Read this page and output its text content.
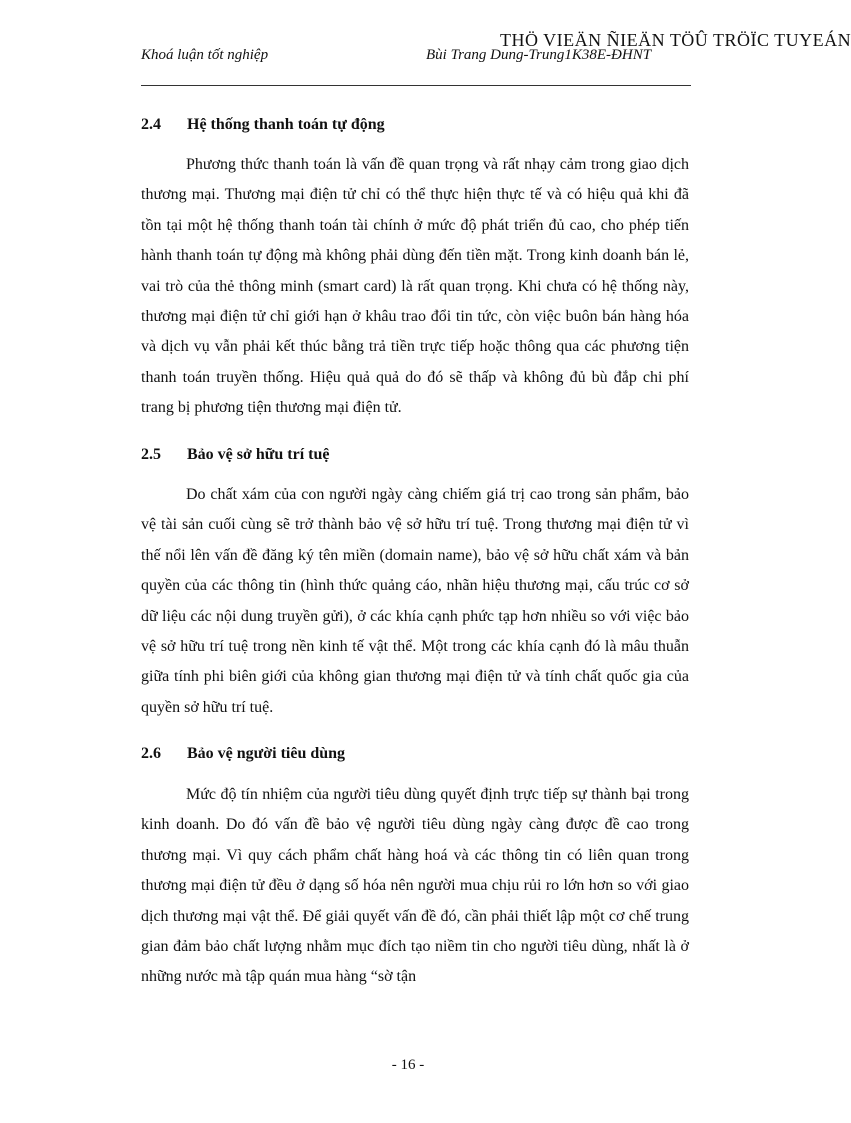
Khoá luận tốt nghiệp	Bùi Trang Dung-Trung1K38E-ĐHNT
THÖ VIEÄN ÑIEÄN TÖÛ TRÖÏC TUYEÁN
2.4 Hệ thống thanh toán tự động

Phương thức thanh toán là vấn đề quan trọng và rất nhạy cảm trong giao dịch thương mại. Thương mại điện tử chỉ có thể thực hiện thực tế và có hiệu quả khi đã tồn tại một hệ thống thanh toán tài chính ở mức độ phát triển đủ cao, cho phép tiến hành thanh toán tự động mà không phải dùng đến tiền mặt. Trong kinh doanh bán lẻ, vai trò của thẻ thông minh (smart card) là rất quan trọng. Khi chưa có hệ thống này, thương mại điện tử chỉ giới hạn ở khâu trao đổi tin tức, còn việc buôn bán hàng hóa và dịch vụ vẫn phải kết thúc bằng trả tiền trực tiếp hoặc thông qua các phương tiện thanh toán truyền thống. Hiệu quả quả do đó sẽ thấp và không đủ bù đắp chi phí trang bị phương tiện thương mại điện tử.

2.5 Bảo vệ sở hữu trí tuệ

Do chất xám của con người ngày càng chiếm giá trị cao trong sản phẩm, bảo vệ tài sản cuối cùng sẽ trở thành bảo vệ sở hữu trí tuệ. Trong thương mại điện tử vì thế nổi lên vấn đề đăng ký tên miền (domain name), bảo vệ sở hữu chất xám và bản quyền của các thông tin (hình thức quảng cáo, nhãn hiệu thương mại, cấu trúc cơ sở dữ liệu các nội dung truyền gửi), ở các khía cạnh phức tạp hơn nhiều so với việc bảo vệ sở hữu trí tuệ trong nền kinh tế vật thể. Một trong các khía cạnh đó là mâu thuẫn giữa tính phi biên giới của không gian thương mại điện tử và tính chất quốc gia của quyền sở hữu trí tuệ.

2.6 Bảo vệ người tiêu dùng

Mức độ tín nhiệm của người tiêu dùng quyết định trực tiếp sự thành bại trong kinh doanh. Do đó vấn đề bảo vệ người tiêu dùng ngày càng được đề cao trong thương mại. Vì quy cách phẩm chất hàng hoá và các thông tin có liên quan trong thương mại điện tử đều ở dạng số hóa nên người mua chịu rủi ro lớn hơn so với giao dịch thương mại vật thể. Để giải quyết vấn đề đó, cần phải thiết lập một cơ chế trung gian đảm bảo chất lượng nhằm mục đích tạo niềm tin cho người tiêu dùng, nhất là ở những nước mà tập quán mua hàng “sờ tận

- 16 -
